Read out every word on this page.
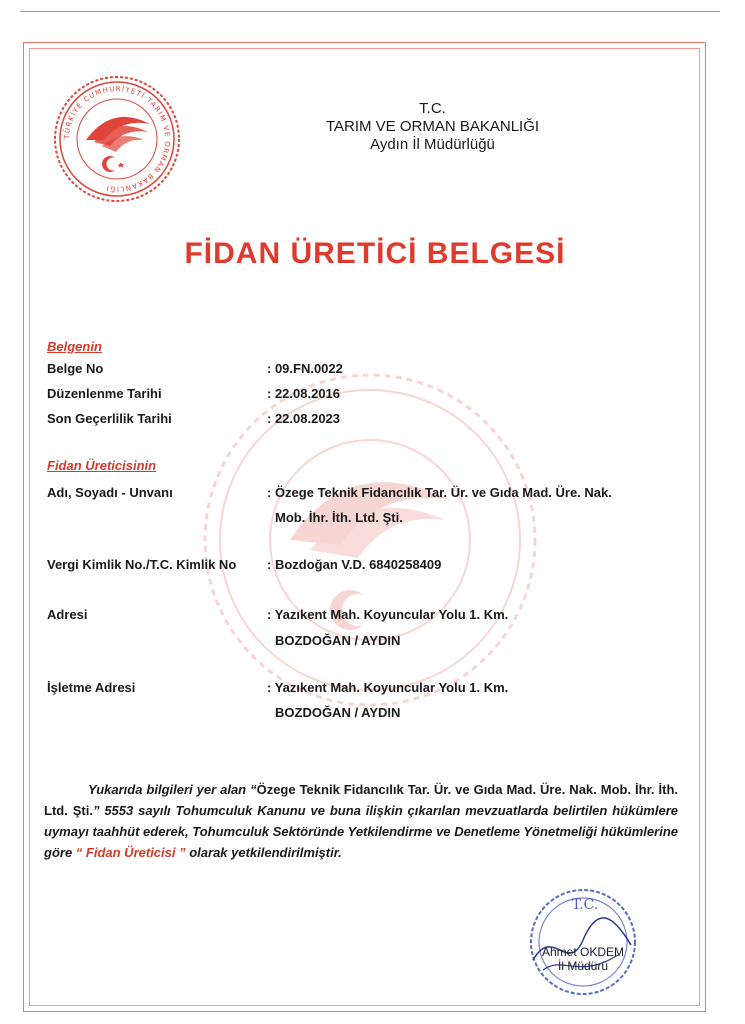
TÜRKİYE CUMHURİYETİ TARIM VE ORMAN BAKANLIĞI
T.C.
TARIM VE ORMAN BAKANLIĞI
Aydın İl Müdürlüğü
FİDAN ÜRETİCİ BELGESİ
Belgenin
Belge No	: 09.FN.0022
Düzenlenme Tarihi	: 22.08.2016
Son Geçerlilik Tarihi	: 22.08.2023
Fidan Üreticisinin
Adı, Soyadı - Unvanı	: Özege Teknik Fidancılık Tar. Ür. ve Gıda Mad. Üre. Nak.
Mob. İhr. İth. Ltd. Şti.
Vergi Kimlik No./T.C. Kimlik No : Bozdoğan V.D. 6840258409
Adresi	: Yazıkent Mah. Koyuncular Yolu 1. Km.
BOZDOĞAN / AYDIN
İşletme Adresi	: Yazıkent Mah. Koyuncular Yolu 1. Km.
BOZDOĞAN / AYDIN
Yukarıda bilgileri yer alan “Özege Teknik Fidancılık Tar. Ür. ve Gıda Mad. Üre. Nak. Mob. İhr. İth. Ltd. Şti.” 5553 sayılı Tohumculuk Kanunu ve buna ilişkin çıkarılan mevzuatlarda belirtilen hükümlere uymayı taahhüt ederek, Tohumculuk Sektöründe Yetkilendirme ve Denetleme Yönetmeliği hükümlerine göre “ Fidan Üreticisi ” olarak yetkilendirilmiştir.
T.C.
Ahmet OKDEM
İl Müdürü
